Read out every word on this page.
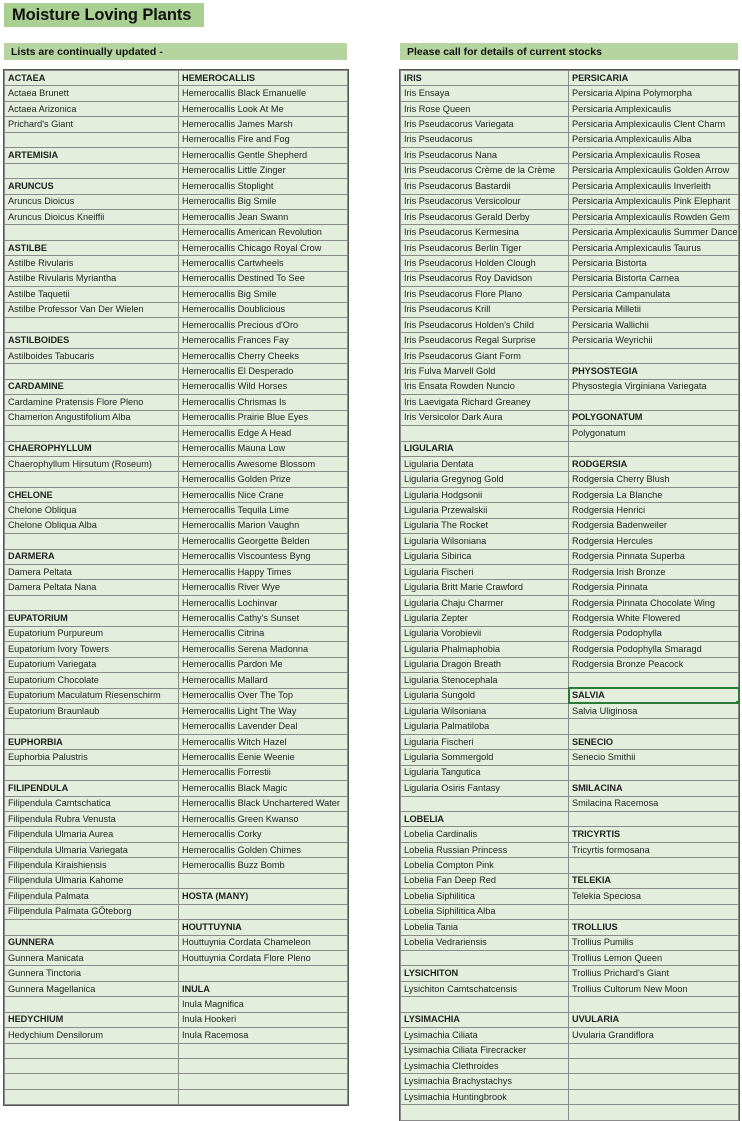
Moisture Loving Plants
Lists are continually updated -	Please call for details of current stocks
ACTAEA	HEMEROCALLIS
Actaea Brunett	Hemerocallis Black Emanuelle
Actaea Arizonica	Hemerocallis Look At Me
Prichard's Giant	Hemerocallis James Marsh
	Hemerocallis Fire and Fog
ARTEMISIA	Hemerocallis Gentle Shepherd
	Hemerocallis Little Zinger
ARUNCUS	Hemerocallis Stoplight
Aruncus Dioicus	Hemerocallis Big Smile
Aruncus Dioicus Kneiffii	Hemerocallis Jean Swann
	Hemerocallis American Revolution
ASTILBE	Hemerocallis Chicago Royal Crow
Astilbe Rivularis	Hemerocallis Cartwheels
Astilbe Rivularis Myriantha	Hemerocallis Destined To See
Astilbe Taquetii	Hemerocallis Big Smile
Astilbe Professor Van Der Wielen	Hemerocallis Doublicious
	Hemerocallis Precious d'Oro
ASTILBOIDES	Hemerocallis Frances Fay
Astilboides Tabucaris	Hemerocallis Cherry Cheeks
	Hemerocallis El Desperado
CARDAMINE	Hemerocallis Wild Horses
Cardamine Pratensis Flore Pleno	Hemerocallis Chrismas Is
Chamerion Angustifolium Alba	Hemerocallis Prairie Blue Eyes
	Hemerocallis Edge A Head
CHAEROPHYLLUM	Hemerocallis Mauna Low
Chaerophyllum Hirsutum (Roseum)	Hemerocallis Awesome Blossom
	Hemerocallis Golden Prize
CHELONE	Hemerocallis Nice Crane
Chelone Obliqua	Hemerocallis Tequila Lime
Chelone Obliqua Alba	Hemerocallis Marion Vaughn
	Hemerocallis Georgette Belden
DARMERA	Hemerocallis Viscountess Byng
Damera Peltata	Hemerocallis Happy Times
Damera Peltata Nana	Hemerocallis River Wye
	Hemerocallis Lochinvar
EUPATORIUM	Hemerocallis Cathy's Sunset
Eupatorium Purpureum	Hemerocallis Citrina
Eupatorium Ivory Towers	Hemerocallis Serena Madonna
Eupatorium Variegata	Hemerocallis Pardon Me
Eupatorium Chocolate	Hemerocallis Mallard
Eupatorium Maculatum Riesenschirm	Hemerocallis Over The Top
Eupatorium Braunlaub	Hemerocallis Light The Way
	Hemerocallis Lavender Deal
EUPHORBIA	Hemerocallis Witch Hazel
Euphorbia Palustris	Hemerocallis Eenie Weenie
	Hemerocallis Forrestii
FILIPENDULA	Hemerocallis Black Magic
Filipendula Camtschatica	Hemerocallis Black Unchartered Water
Filipendula Rubra Venusta	Hemerocallis Green Kwanso
Filipendula Ulmaria Aurea	Hemerocallis Corky
Filipendula Ulmaria Variegata	Hemerocallis Golden Chimes
Filipendula Kiraishiensis	Hemerocallis Buzz Bomb
Filipendula Ulmaria Kahome	
Filipendula Palmata	HOSTA (MANY)
Filipendula Palmata GÖteborg	
	HOUTTUYNIA
GUNNERA	Houttuynia Cordata Chameleon
Gunnera Manicata	Houttuynia Cordata Flore Pleno
Gunnera Tinctoria	
Gunnera Magellanica	INULA
	Inula Magnifica
HEDYCHIUM	Inula Hookeri
Hedychium Densilorum	Inula Racemosa

IRIS	PERSICARIA
Iris Ensaya	Persicaria Alpina Polymorpha
Iris Rose Queen	Persicaria Amplexicaulis
Iris Pseudacorus Variegata	Persicaria Amplexicaulis Clent Charm
Iris Pseudacorus	Persicaria Amplexicaulis Alba
Iris Pseudacorus Nana	Persicaria Amplexicaulis Rosea
Iris Pseudacorus Crème de la Crème	Persicaria Amplexicaulis Golden Arrow
Iris Pseudacorus Bastardii	Persicaria Amplexicaulis Inverleith
Iris Pseudacorus Versicolour	Persicaria Amplexicaulis Pink Elephant
Iris Pseudacorus Gerald Derby	Persicaria Amplexicaulis Rowden Gem
Iris Pseudacorus Kermesina	Persicaria Amplexicaulis Summer Dance
Iris Pseudacorus Berlin Tiger	Persicaria Amplexicaulis Taurus
Iris Pseudacorus Holden Clough	Persicaria Bistorta
Iris Pseudacorus Roy Davidson	Persicaria Bistorta Carnea
Iris Pseudacorus Flore Plano	Persicaria Campanulata
Iris Pseudacorus Krill	Persicaria Milletii
Iris Pseudacorus Holden's Child	Persicaria Wallichii
Iris Pseudacorus Regal Surprise	Persicaria Weyrichii
Iris Pseudacorus Giant Form	
Iris Fulva Marvell Gold	PHYSOSTEGIA
Iris Ensata Rowden Nuncio	Physostegia Virginiana Variegata
Iris Laevigata Richard Greaney	
Iris Versicolor Dark Aura	POLYGONATUM
	Polygonatum
LIGULARIA	
Ligularia Dentata	RODGERSIA
Ligularia Gregynog Gold	Rodgersia Cherry Blush
Ligularia Hodgsonii	Rodgersia La Blanche
Ligularia Przewalskii	Rodgersia Henrici
Ligularia The Rocket	Rodgersia Badenweiler
Ligularia Wilsoniana	Rodgersia Hercules
Ligularia Sibirica	Rodgersia Pinnata Superba
Ligularia Fischeri	Rodgersia Irish Bronze
Ligularia Britt Marie Crawford	Rodgersia Pinnata
Ligularia Chaju Charmer	Rodgersia Pinnata Chocolate Wing
Ligularia Zepter	Rodgersia White Flowered
Ligularia Vorobievii	Rodgersia Podophylla
Ligularia Phalmaphobia	Rodgersia Podophylla Smaragd
Ligularia Dragon Breath	Rodgersia Bronze Peacock
Ligularia Stenocephala	
Ligularia Sungold	SALVIA

Ligularia Wilsoniana	Salvia Uliginosa
Ligularia Palmatiloba	
Ligularia Fischeri	SENECIO
Ligularia Sommergold	Senecio Smithii
Ligularia Tangutica	
Ligularia Osiris Fantasy	SMILACINA
	Smilacina Racemosa
LOBELIA	
Lobelia Cardinalis	TRICYRTIS
Lobelia Russian Princess	Tricyrtis formosana
Lobelia Compton Pink	
Lobelia Fan Deep Red	TELEKIA
Lobelia Siphilitica	Telekia Speciosa
Lobelia Siphilitica Alba	
Lobelia Tania	TROLLIUS
Lobelia Vedrariensis	Trollius Pumilis
	Trollius Lemon Queen
LYSICHITON	Trollius Prichard's Giant
Lysichiton Camtschatcensis	Trollius Cultorum New Moon

LYSIMACHIA	UVULARIA
Lysimachia Ciliata	Uvularia Grandiflora
Lysimachia Ciliata Firecracker	
Lysimachia Clethroides	
Lysimachia Brachystachys	
Lysimachia Huntingbrook	
